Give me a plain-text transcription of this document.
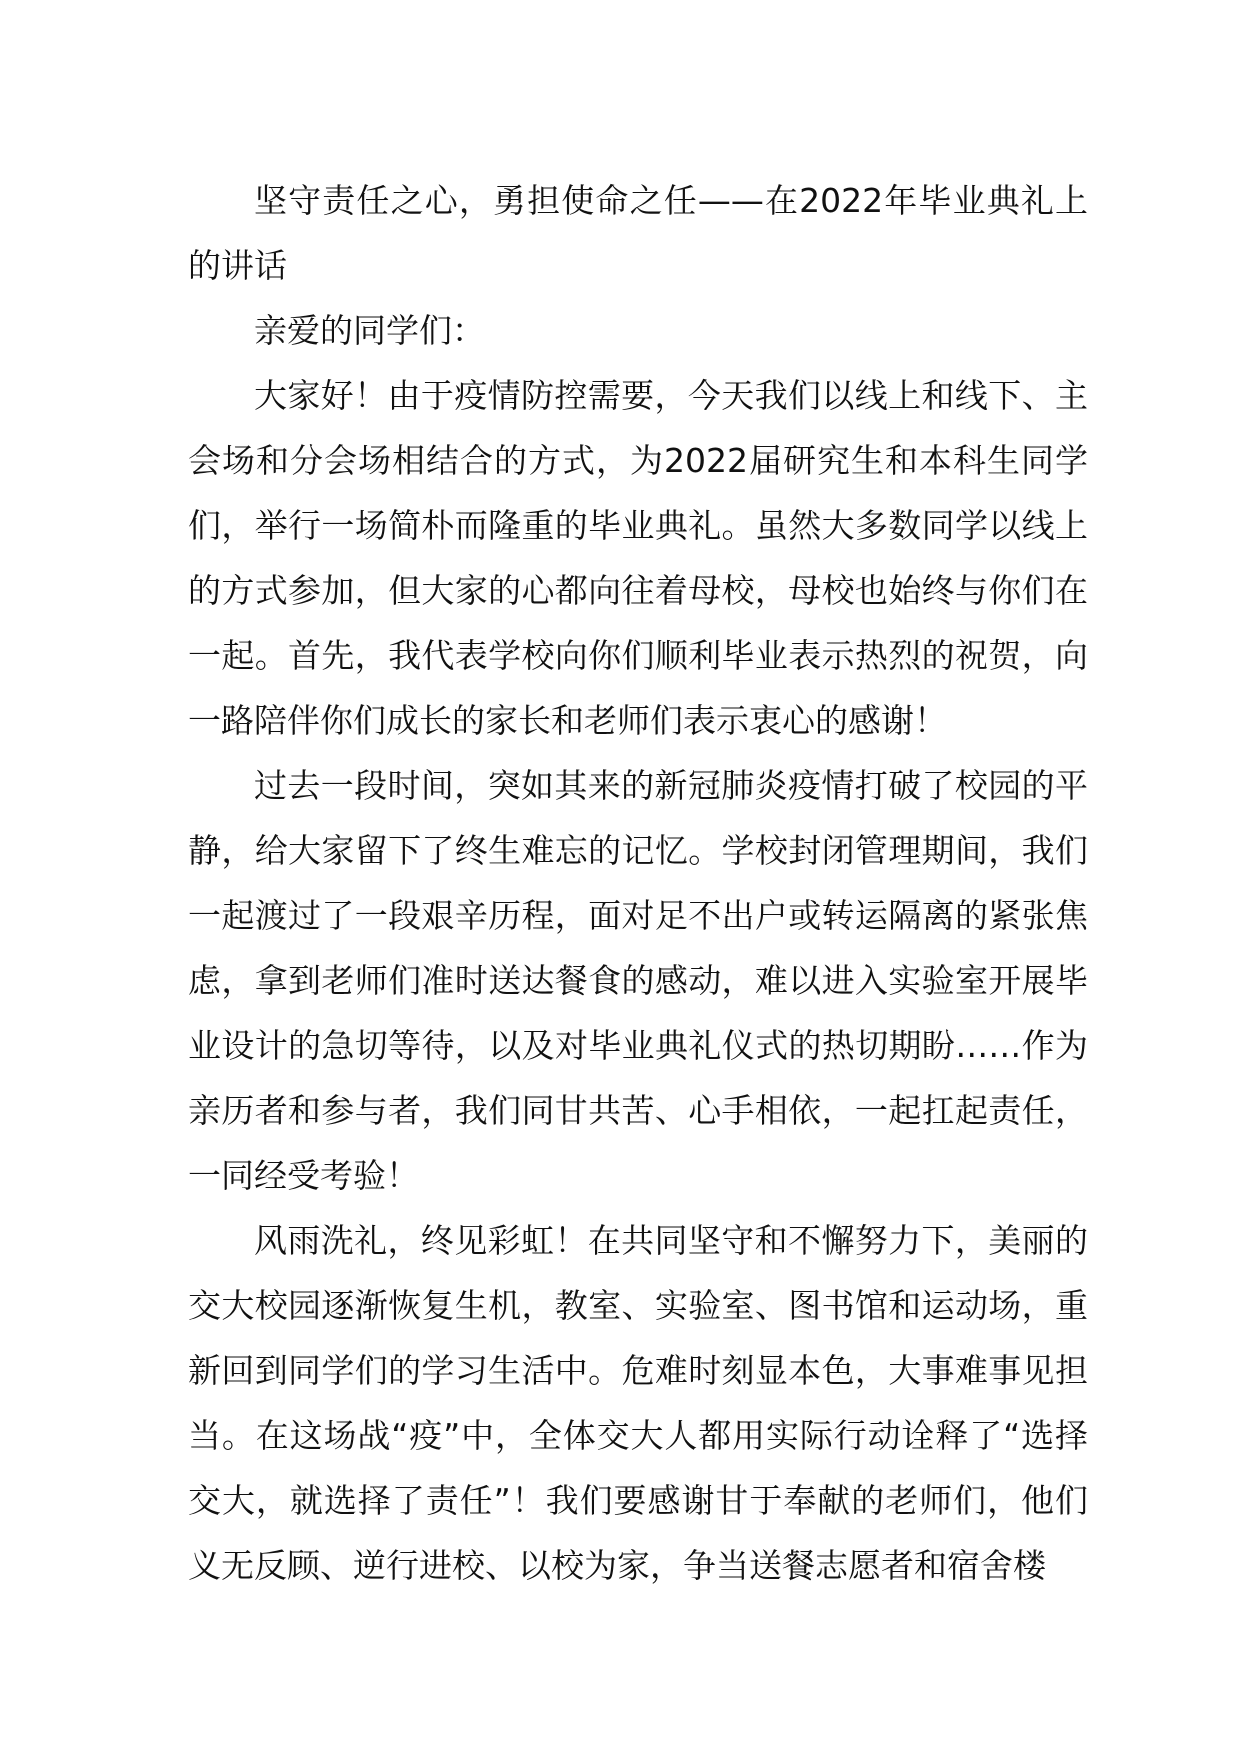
坚守责任之心，勇担使命之任——在2022年毕业典礼上的讲话

亲爱的同学们：

大家好！由于疫情防控需要，今天我们以线上和线下、主会场和分会场相结合的方式，为2022届研究生和本科生同学们，举行一场简朴而隆重的毕业典礼。虽然大多数同学以线上的方式参加，但大家的心都向往着母校，母校也始终与你们在一起。首先，我代表学校向你们顺利毕业表示热烈的祝贺，向一路陪伴你们成长的家长和老师们表示衷心的感谢！

过去一段时间，突如其来的新冠肺炎疫情打破了校园的平静，给大家留下了终生难忘的记忆。学校封闭管理期间，我们一起渡过了一段艰辛历程，面对足不出户或转运隔离的紧张焦虑，拿到老师们准时送达餐食的感动，难以进入实验室开展毕业设计的急切等待，以及对毕业典礼仪式的热切期盼……作为亲历者和参与者，我们同甘共苦、心手相依，一起扛起责任，一同经受考验！

风雨洗礼，终见彩虹！在共同坚守和不懈努力下，美丽的交大校园逐渐恢复生机，教室、实验室、图书馆和运动场，重新回到同学们的学习生活中。危难时刻显本色，大事难事见担当。在这场战“疫”中，全体交大人都用实际行动诠释了“选择交大，就选择了责任”！我们要感谢甘于奉献的老师们，他们义无反顾、逆行进校、以校为家，争当送餐志愿者和宿舍楼
